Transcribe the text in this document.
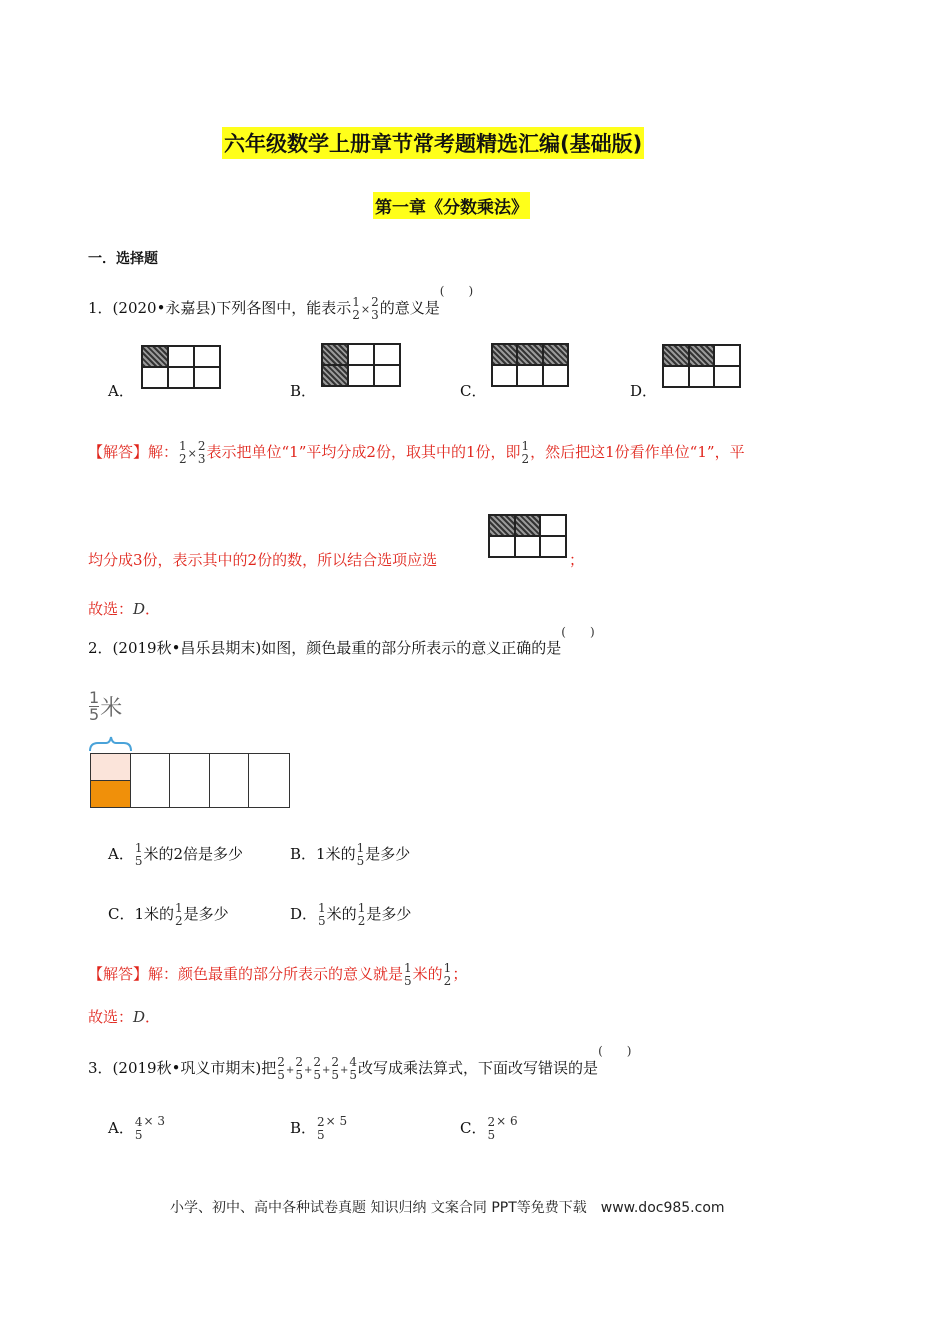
六年级数学上册章节常考题精选汇编(基础版)
第一章《分数乘法》
一．选择题
1．(2020•永嘉县)下列各图中，能表示 1
2 ×
2
3 的意义是(　　)
A．	B．	C．	D．
【解答】解： 1
2 ×
2
3 表示把单位“1”平均分成2份，取其中的1份，即 1
2 ，然后把这1份看作单位“1”，平
均分成3份，表示其中的2份的数，所以结合选项应选	；
故选：D．
2．(2019秋•昌乐县期末)如图，颜色最重的部分所表示的意义正确的是(　　)
$\frac{1}{5}$ 米
A． 1
5 米的2倍是多少	B．1米的 1
5 是多少
C．1米的 1
2 是多少	D． 1
5 米的 1
2 是多少
【解答】解：颜色最重的部分所表示的意义就是 1
5 米的 1
2 ；
故选：D．
3．(2019秋•巩义市期末)把 2
5 +
2
5 +
2
5 +
2
5 +
4
5 改写成乘法算式，下面改写错误的是(　　)
A． 4
5
$^{\times 3}$	B． 2
5
$^{\times 5}$	C． 2
5
$^{\times 6}$
小学、初中、高中各种试卷真题 知识归纳 文案合同 PPT等免费下载　www.doc985.com
